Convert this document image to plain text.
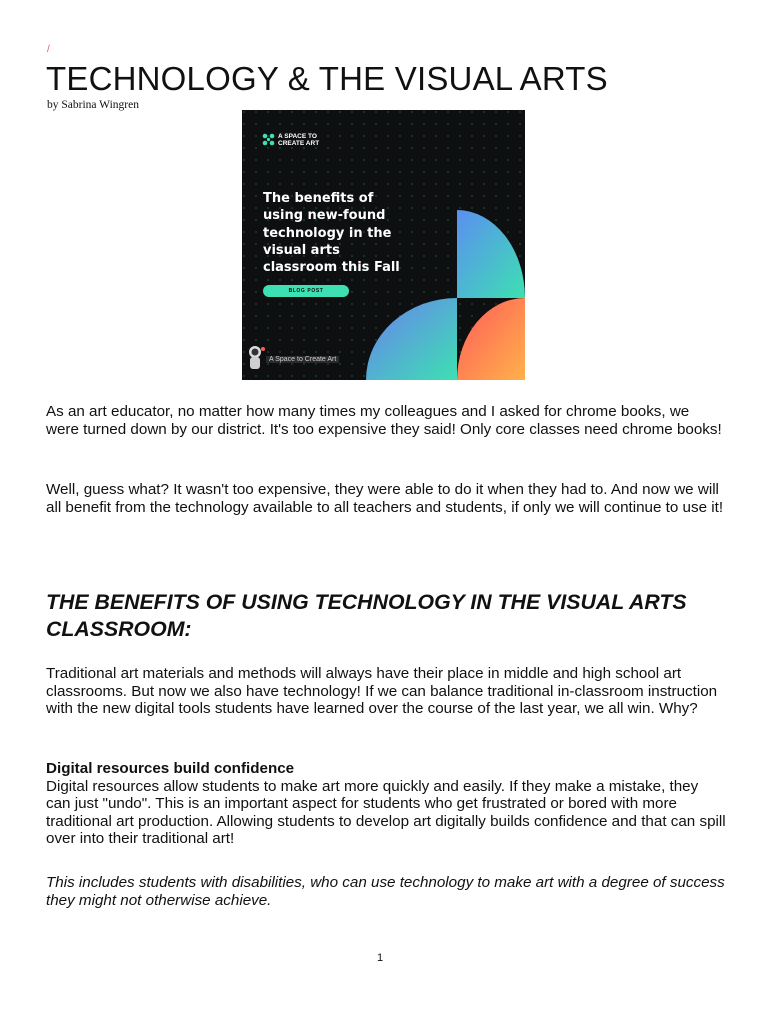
/
TECHNOLOGY & THE VISUAL ARTS
by Sabrina Wingren
A SPACE TO CREATE ART
The benefits of
using new-found
technology in the
visual arts
classroom this Fall
BLOG POST
A Space to Create Art

As an art educator, no matter how many times my colleagues and I asked for chrome books, we were turned down by our district. It's too expensive they said! Only core classes need chrome books!

Well, guess what? It wasn't too expensive, they were able to do it when they had to. And now we will all benefit from the technology available to all teachers and students, if only we will continue to use it!

THE BENEFITS OF USING TECHNOLOGY IN THE VISUAL ARTS CLASSROOM:

Traditional art materials and methods will always have their place in middle and high school art classrooms. But now we also have technology! If we can balance traditional in-classroom instruction with the new digital tools students have learned over the course of the last year, we all win. Why?

Digital resources build confidence
Digital resources allow students to make art more quickly and easily. If they make a mistake, they can just "undo". This is an important aspect for students who get frustrated or bored with more traditional art production. Allowing students to develop art digitally builds confidence and that can spill over into their traditional art!

This includes students with disabilities, who can use technology to make art with a degree of success they might not otherwise achieve.

1
